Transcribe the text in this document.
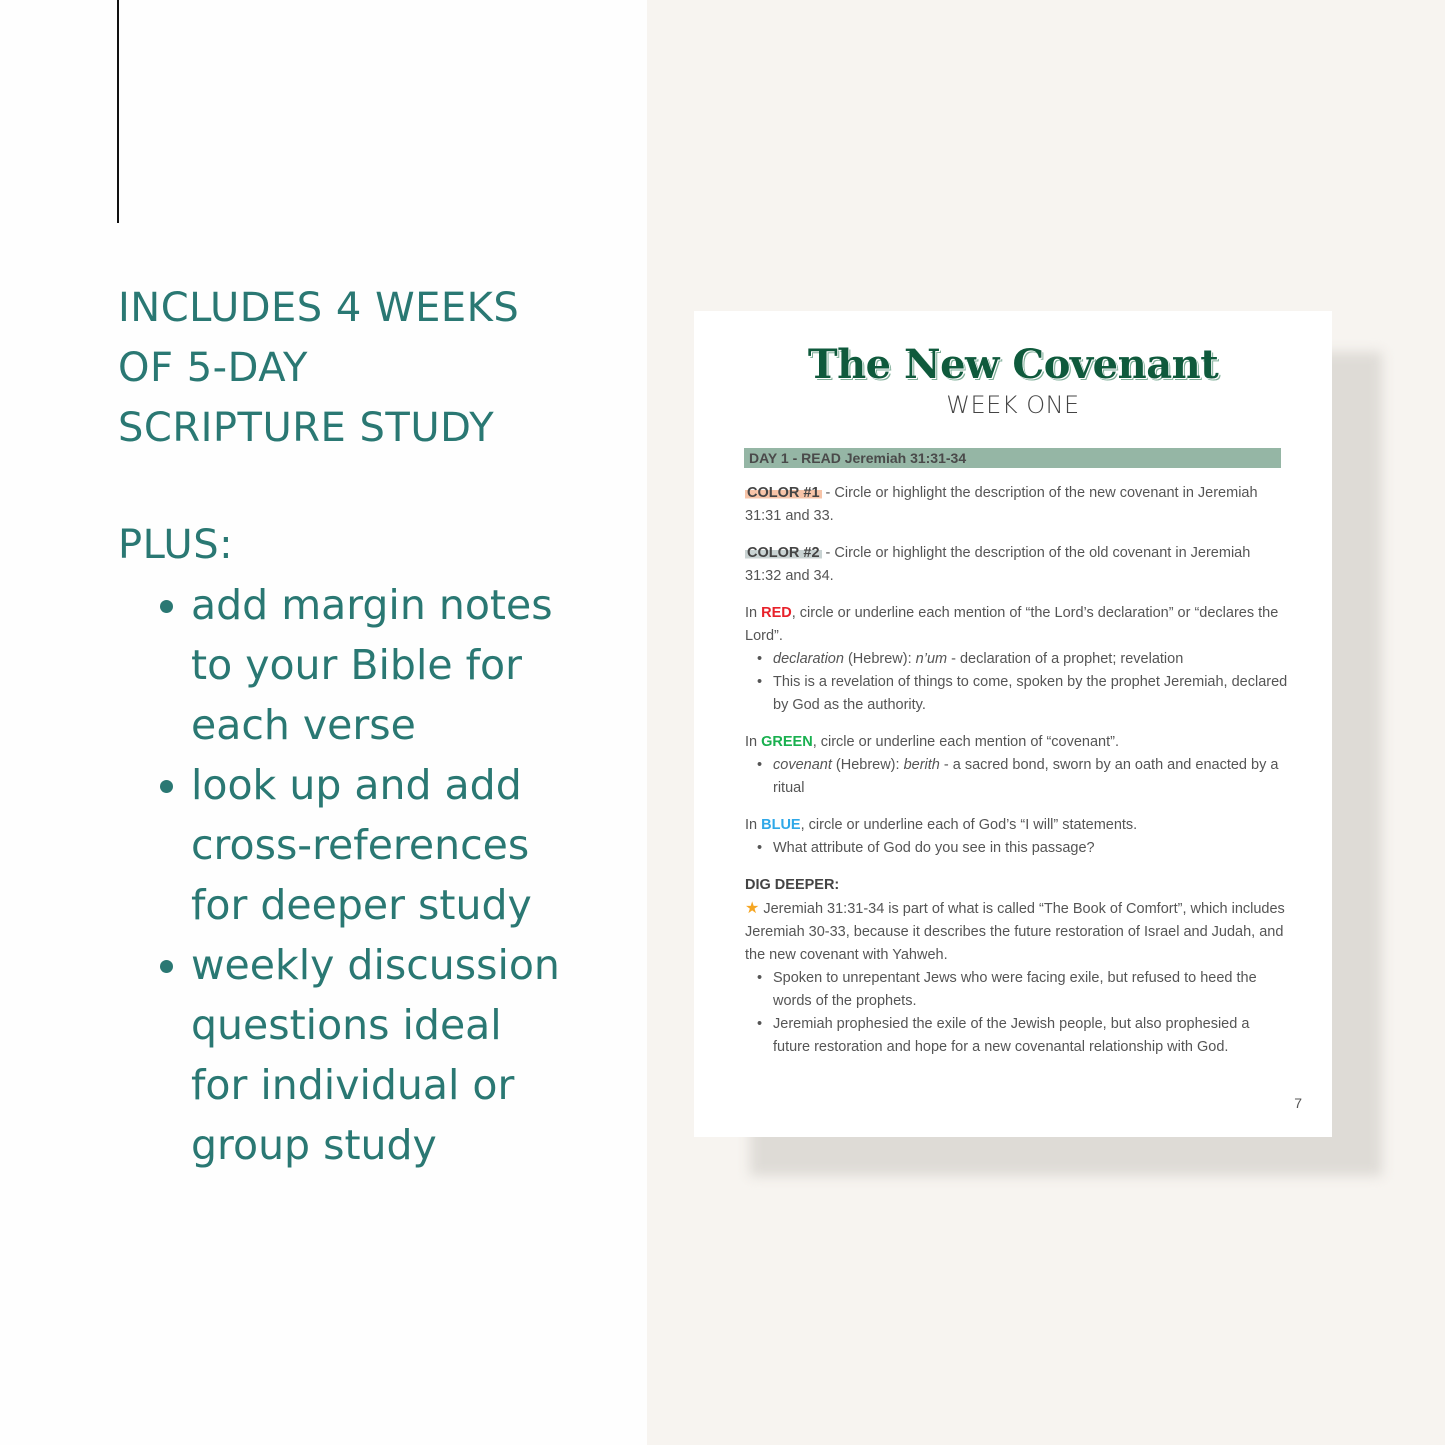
INCLUDES 4 WEEKS
OF 5-DAY
SCRIPTURE STUDY
PLUS:
add margin notes
to your Bible for
each verse
look up and add
cross-references
for deeper study
weekly discussion
questions ideal
for individual or
group study
The New Covenant
WEEK ONE
DAY 1 - READ Jeremiah 31:31-34

COLOR #1 - Circle or highlight the description of the new covenant in Jeremiah 31:31 and 33.

COLOR #2 - Circle or highlight the description of the old covenant in Jeremiah 31:32 and 34.

In RED, circle or underline each mention of “the Lord’s declaration” or “declares the Lord”.

• declaration (Hebrew): n’um - declaration of a prophet; revelation
• This is a revelation of things to come, spoken by the prophet Jeremiah, declared by God as the authority.

In GREEN, circle or underline each mention of “covenant”.

• covenant (Hebrew): berith - a sacred bond, sworn by an oath and enacted by a ritual

In BLUE, circle or underline each of God’s “I will” statements.

• What attribute of God do you see in this passage?

DIG DEEPER:

★ Jeremiah 31:31-34 is part of what is called “The Book of Comfort”, which includes Jeremiah 30-33, because it describes the future restoration of Israel and Judah, and the new covenant with Yahweh.

• Spoken to unrepentant Jews who were facing exile, but refused to heed the words of the prophets.
• Jeremiah prophesied the exile of the Jewish people, but also prophesied a future restoration and hope for a new covenantal relationship with God.
7
